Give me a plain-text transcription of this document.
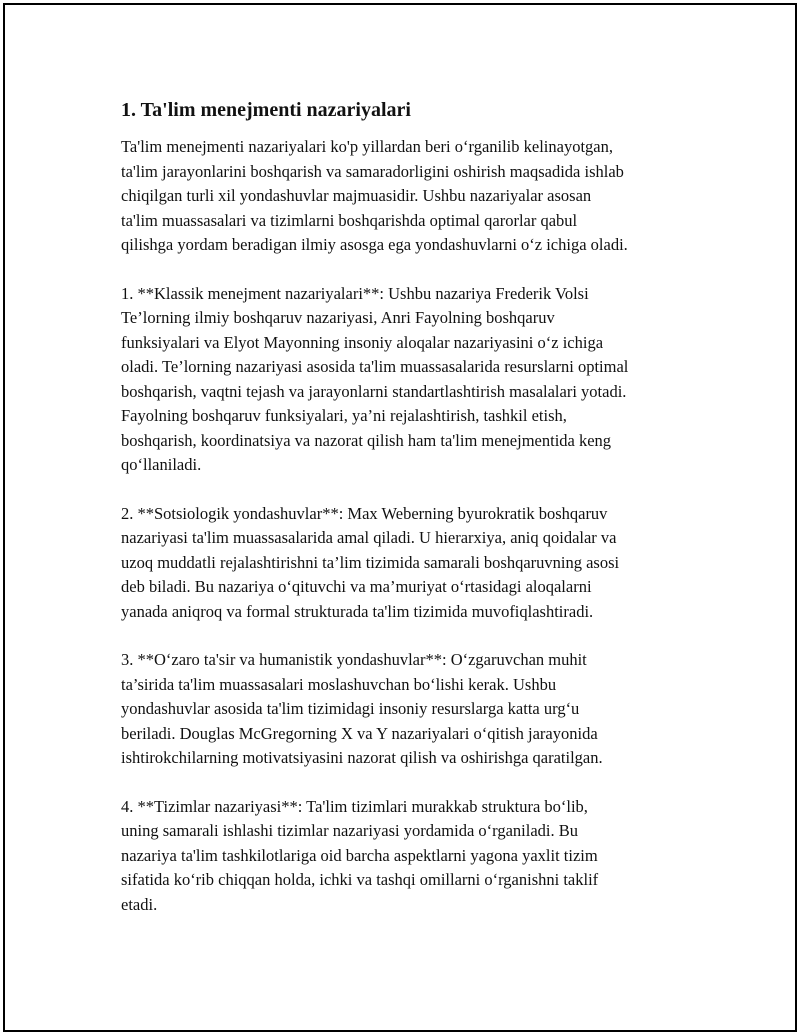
1. Ta'lim menejmenti nazariyalari

Ta'lim menejmenti nazariyalari ko'p yillardan beri oʻrganilib kelinayotgan,
ta'lim jarayonlarini boshqarish va samaradorligini oshirish maqsadida ishlab
chiqilgan turli xil yondashuvlar majmuasidir. Ushbu nazariyalar asosan
ta'lim muassasalari va tizimlarni boshqarishda optimal qarorlar qabul
qilishga yordam beradigan ilmiy asosga ega yondashuvlarni oʻz ichiga oladi.

1. **Klassik menejment nazariyalari**: Ushbu nazariya Frederik Volsi
Te’lorning ilmiy boshqaruv nazariyasi, Anri Fayolning boshqaruv
funksiyalari va Elyot Mayonning insoniy aloqalar nazariyasini oʻz ichiga
oladi. Te’lorning nazariyasi asosida ta'lim muassasalarida resurslarni optimal
boshqarish, vaqtni tejash va jarayonlarni standartlashtirish masalalari yotadi.
Fayolning boshqaruv funksiyalari, ya’ni rejalashtirish, tashkil etish,
boshqarish, koordinatsiya va nazorat qilish ham ta'lim menejmentida keng
qoʻllaniladi.

2. **Sotsiologik yondashuvlar**: Max Weberning byurokratik boshqaruv
nazariyasi ta'lim muassasalarida amal qiladi. U hierarxiya, aniq qoidalar va
uzoq muddatli rejalashtirishni ta’lim tizimida samarali boshqaruvning asosi
deb biladi. Bu nazariya oʻqituvchi va ma’muriyat oʻrtasidagi aloqalarni
yanada aniqroq va formal strukturada ta'lim tizimida muvofiqlashtiradi.

3. **Oʻzaro ta'sir va humanistik yondashuvlar**: Oʻzgaruvchan muhit
ta’sirida ta'lim muassasalari moslashuvchan boʻlishi kerak. Ushbu
yondashuvlar asosida ta'lim tizimidagi insoniy resurslarga katta urgʻu
beriladi. Douglas McGregorning X va Y nazariyalari oʻqitish jarayonida
ishtirokchilarning motivatsiyasini nazorat qilish va oshirishga qaratilgan.

4. **Tizimlar nazariyasi**: Ta'lim tizimlari murakkab struktura boʻlib,
uning samarali ishlashi tizimlar nazariyasi yordamida oʻrganiladi. Bu
nazariya ta'lim tashkilotlariga oid barcha aspektlarni yagona yaxlit tizim
sifatida koʻrib chiqqan holda, ichki va tashqi omillarni oʻrganishni taklif
etadi.
